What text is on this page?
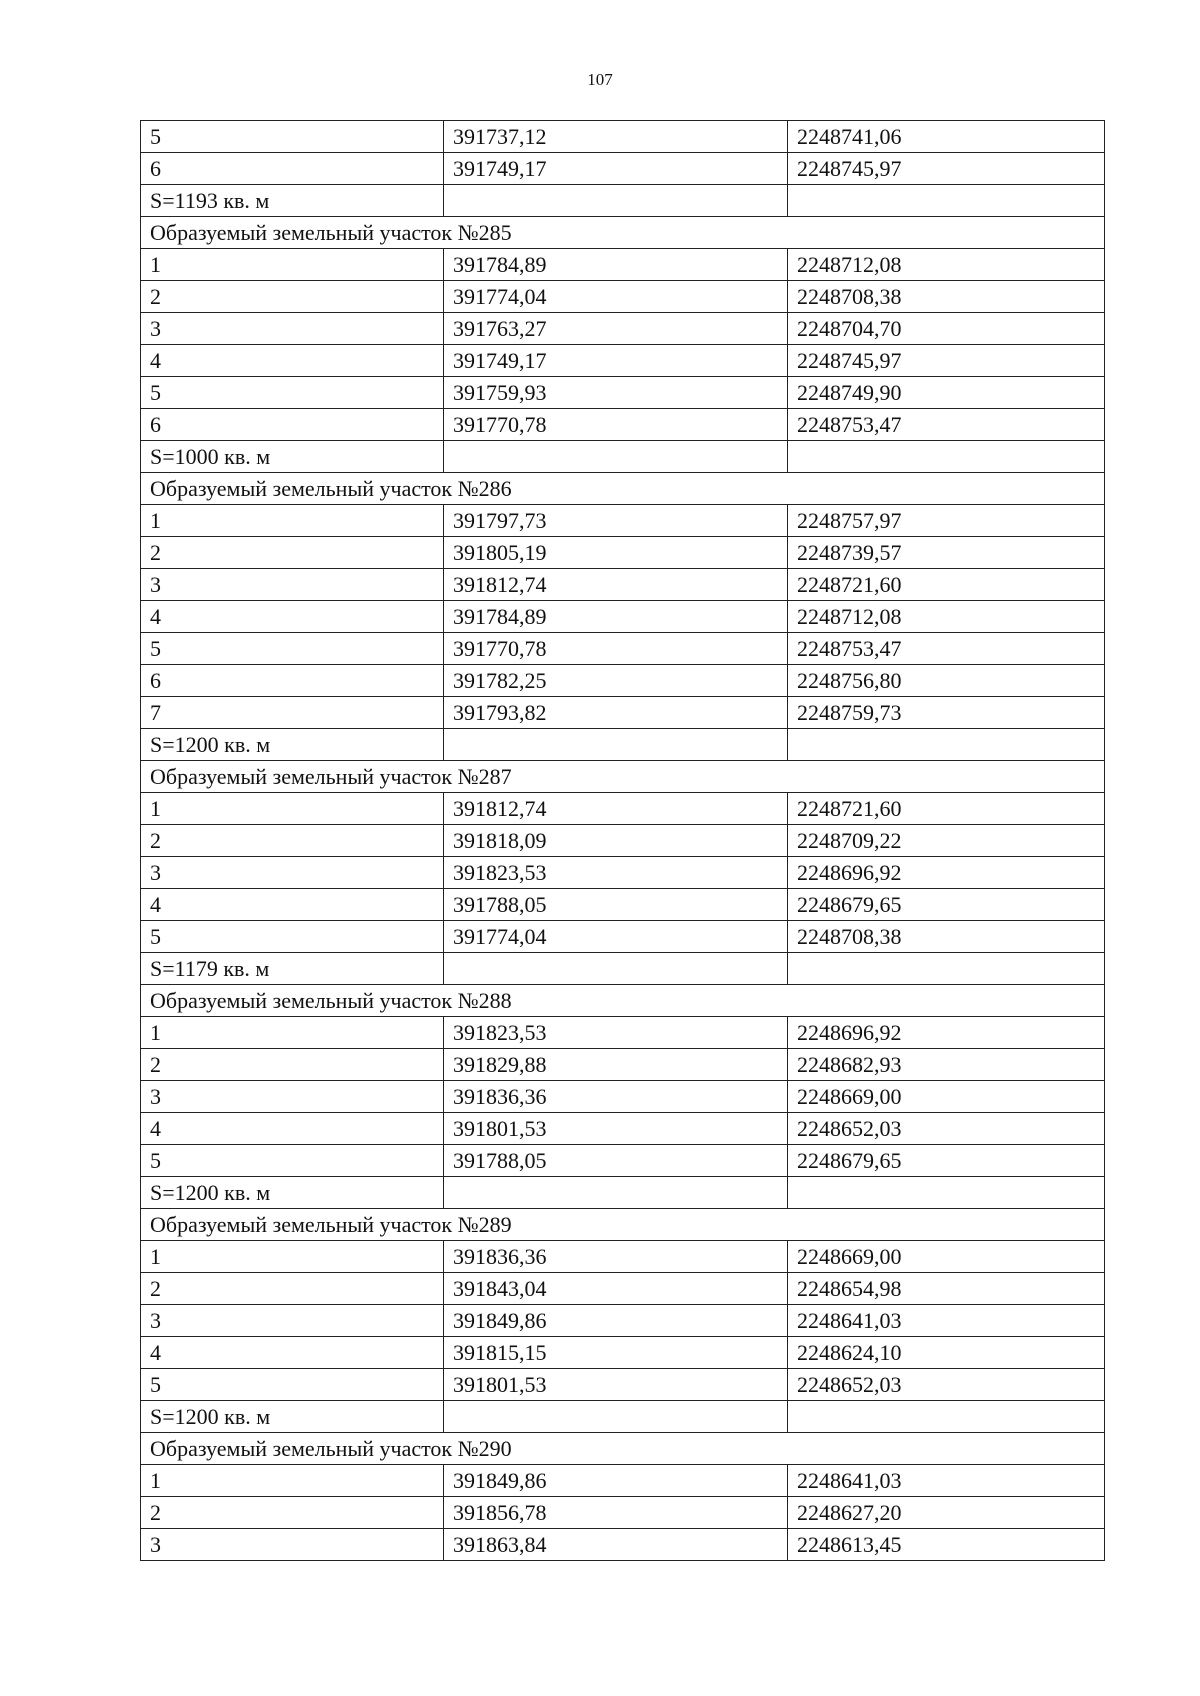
107
5	391737,12	2248741,06
6	391749,17	2248745,97
S=1193 кв. м		
Образуемый земельный участок №285		
1	391784,89	2248712,08
2	391774,04	2248708,38
3	391763,27	2248704,70
4	391749,17	2248745,97
5	391759,93	2248749,90
6	391770,78	2248753,47
S=1000 кв. м		
Образуемый земельный участок №286		
1	391797,73	2248757,97
2	391805,19	2248739,57
3	391812,74	2248721,60
4	391784,89	2248712,08
5	391770,78	2248753,47
6	391782,25	2248756,80
7	391793,82	2248759,73
S=1200 кв. м		
Образуемый земельный участок №287		
1	391812,74	2248721,60
2	391818,09	2248709,22
3	391823,53	2248696,92
4	391788,05	2248679,65
5	391774,04	2248708,38
S=1179 кв. м		
Образуемый земельный участок №288		
1	391823,53	2248696,92
2	391829,88	2248682,93
3	391836,36	2248669,00
4	391801,53	2248652,03
5	391788,05	2248679,65
S=1200 кв. м		
Образуемый земельный участок №289		
1	391836,36	2248669,00
2	391843,04	2248654,98
3	391849,86	2248641,03
4	391815,15	2248624,10
5	391801,53	2248652,03
S=1200 кв. м		
Образуемый земельный участок №290		
1	391849,86	2248641,03
2	391856,78	2248627,20
3	391863,84	2248613,45
